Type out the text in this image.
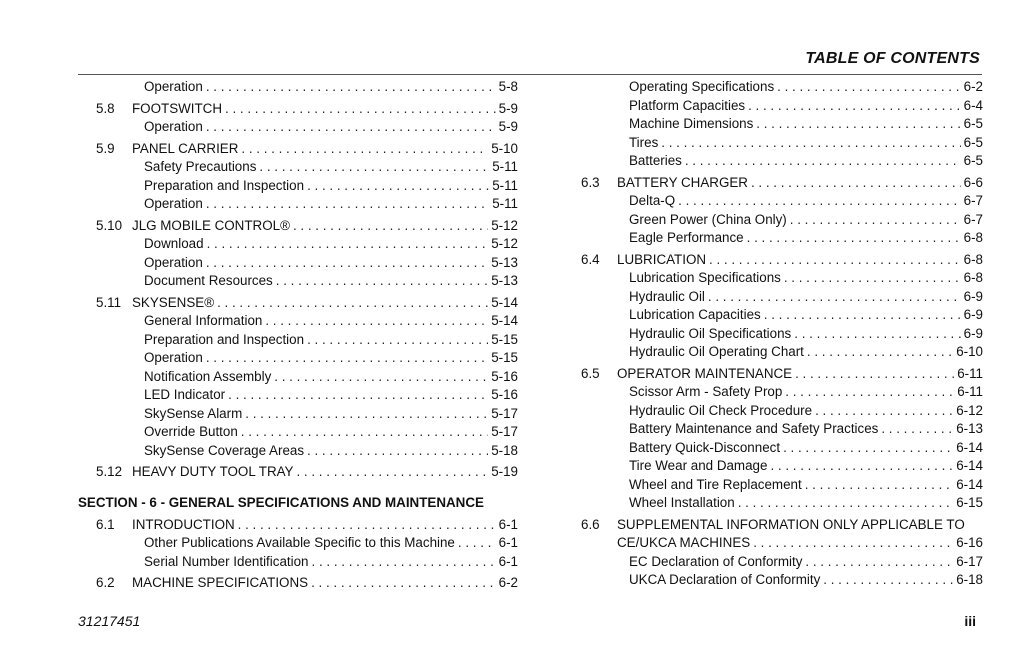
TABLE OF CONTENTS
Operation . . .	5-8
5.8	FOOTSWITCH . . .	5-9
Operation . . .	5-9
5.9	PANEL CARRIER . . .	5-10
Safety Precautions . . .	5-11
Preparation and Inspection . . .	5-11
Operation . . .	5-11
5.10 JLG MOBILE CONTROL® . . .	5-12
Download . . .	5-12
Operation . . .	5-13
Document Resources . . .	5-13
5.11 SKYSENSE® . . .	5-14
General Information . . .	5-14
Preparation and Inspection . . .	5-15
Operation . . .	5-15
Notification Assembly . . .	5-16
LED Indicator . . .	5-16
SkySense Alarm . . .	5-17
Override Button . . .	5-17
SkySense Coverage Areas . . .	5-18
5.12 HEAVY DUTY TOOL TRAY . . .	5-19
SECTION - 6 - GENERAL SPECIFICATIONS AND MAINTENANCE
6.1	INTRODUCTION . . .	6-1
Other Publications Available Specific to this Machine . . .	6-1
Serial Number Identification . . .	6-1
6.2	MACHINE SPECIFICATIONS . . .	6-2
Operating Specifications . . .	6-2
Platform Capacities . . .	6-4
Machine Dimensions . . .	6-5
Tires . . .	6-5
Batteries . . .	6-5
6.3	BATTERY CHARGER . . .	6-6
Delta-Q . . .	6-7
Green Power (China Only) . . .	6-7
Eagle Performance . . .	6-8
6.4	LUBRICATION . . .	6-8
Lubrication Specifications . . .	6-8
Hydraulic Oil . . .	6-9
Lubrication Capacities . . .	6-9
Hydraulic Oil Specifications . . .	6-9
Hydraulic Oil Operating Chart . . .	6-10
6.5	OPERATOR MAINTENANCE . . .	6-11
Scissor Arm - Safety Prop . . .	6-11
Hydraulic Oil Check Procedure . . .	6-12
Battery Maintenance and Safety Practices . . .	6-13
Battery Quick-Disconnect . . .	6-14
Tire Wear and Damage . . .	6-14
Wheel and Tire Replacement . . .	6-14
Wheel Installation . . .	6-15
6.6 SUPPLEMENTAL INFORMATION ONLY APPLICABLE TO
CE/UKCA MACHINES . . .	6-16
EC Declaration of Conformity . . .	6-17
UKCA Declaration of Conformity . . .	6-18
31217451	iii
